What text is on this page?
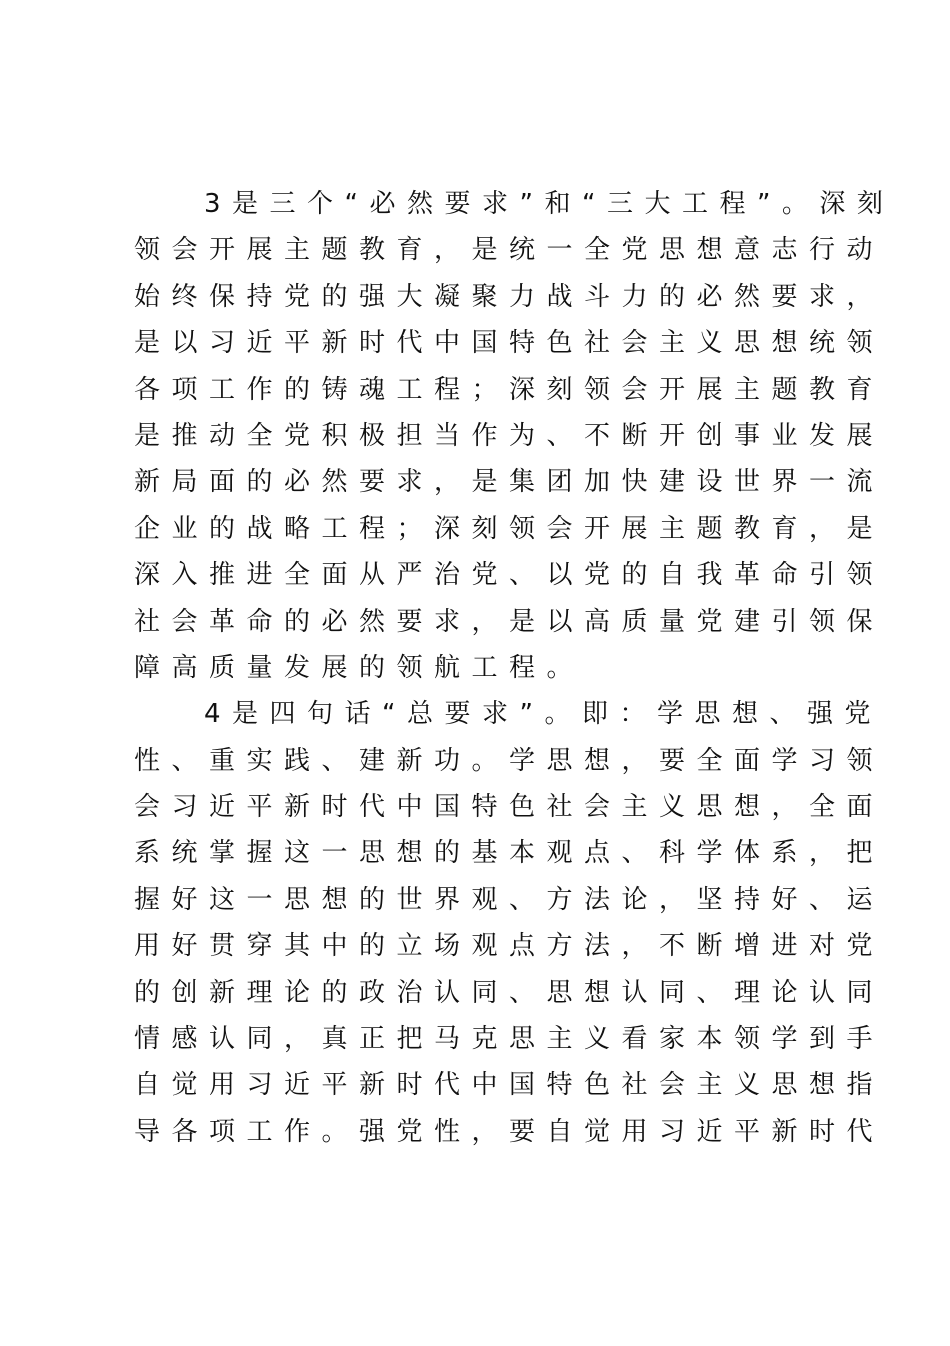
3是三个“必然要求”和“三大工程”。深刻
领会开展主题教育，是统一全党思想意志行动
始终保持党的强大凝聚力战斗力的必然要求，
是以习近平新时代中国特色社会主义思想统领
各项工作的铸魂工程；深刻领会开展主题教育
是推动全党积极担当作为、不断开创事业发展
新局面的必然要求，是集团加快建设世界一流
企业的战略工程；深刻领会开展主题教育，是
深入推进全面从严治党、以党的自我革命引领
社会革命的必然要求，是以高质量党建引领保
障高质量发展的领航工程。
4是四句话“总要求”。即：学思想、强党
性、重实践、建新功。学思想，要全面学习领
会习近平新时代中国特色社会主义思想，全面
系统掌握这一思想的基本观点、科学体系，把
握好这一思想的世界观、方法论，坚持好、运
用好贯穿其中的立场观点方法，不断增进对党
的创新理论的政治认同、思想认同、理论认同
情感认同，真正把马克思主义看家本领学到手
自觉用习近平新时代中国特色社会主义思想指
导各项工作。强党性，要自觉用习近平新时代
